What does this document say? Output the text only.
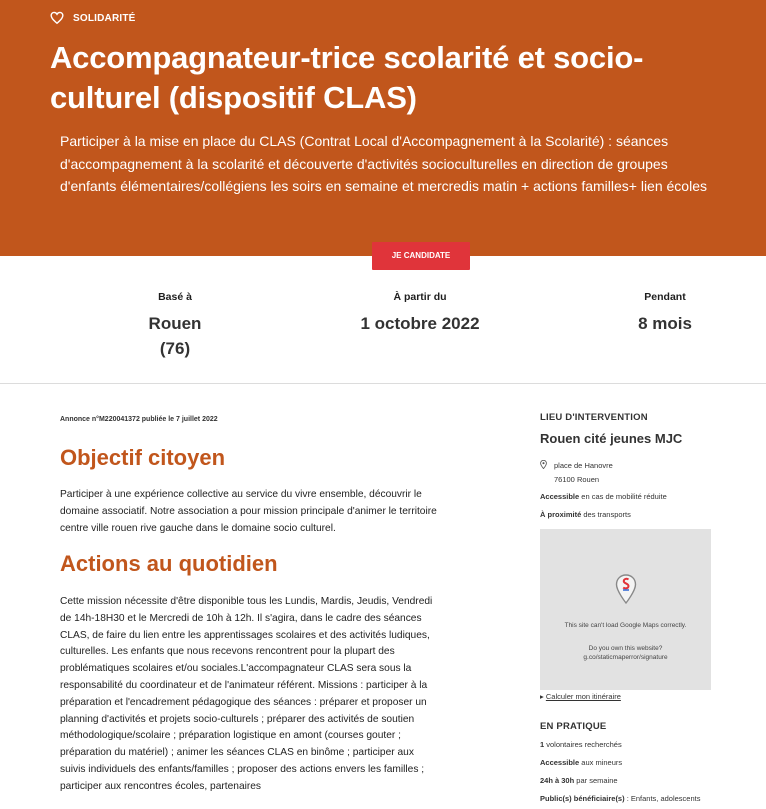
SOLIDARITÉ
Accompagnateur-trice scolarité et socio-culturel (dispositif CLAS)

Participer à la mise en place du CLAS (Contrat Local d'Accompagnement à la Scolarité) : séances d'accompagnement à la scolarité et découverte d'activités socioculturelles en direction de groupes d'enfants élémentaires/collégiens les soirs en semaine et mercredis matin + actions familles+ lien écoles

JE CANDIDATE
Basé à
Rouen
(76)
À partir du
1 octobre 2022
Pendant
8 mois
Annonce n°M220041372 publiée le 7 juillet 2022
Objectif citoyen

Participer à une expérience collective au service du vivre ensemble, découvrir le domaine associatif. Notre association a pour mission principale d'animer le territoire centre ville rouen rive gauche dans le domaine socio culturel.

Actions au quotidien

Cette mission nécessite d'être disponible tous les Lundis, Mardis, Jeudis, Vendredi de 14h-18H30 et le Mercredi de 10h à 12h. Il s'agira, dans le cadre des séances CLAS, de faire du lien entre les apprentissages scolaires et des activités ludiques, culturelles. Les enfants que nous recevons rencontrent pour la plupart des problématiques scolaires et/ou sociales.L'accompagnateur CLAS sera sous la responsabilité du coordinateur et de l'animateur référent. Missions : participer à la préparation et l'encadrement pédagogique des séances : préparer et proposer un planning d'activités et projets socio-culturels ; préparer des activités de soutien méthodologique/scolaire ; préparation logistique en amont (courses gouter ; préparation du matériel) ; animer les séances CLAS en binôme ; participer aux suivis individuels des enfants/familles ; proposer des actions envers les familles ; participer aux rencontres écoles, partenaires

LIEU D'INTERVENTION
Rouen cité jeunes MJC
place de Hanovre
76100 Rouen
Accessible en cas de mobilité réduite
À proximité des transports
This site can't load Google Maps correctly.
Do you own this website?
g.co/staticmaperror/signature
▸ Calculer mon itinéraire
EN PRATIQUE
1 volontaires recherchés
Accessible aux mineurs
24h à 30h par semaine
Public(s) bénéficiaire(s) : Enfants, adolescents
